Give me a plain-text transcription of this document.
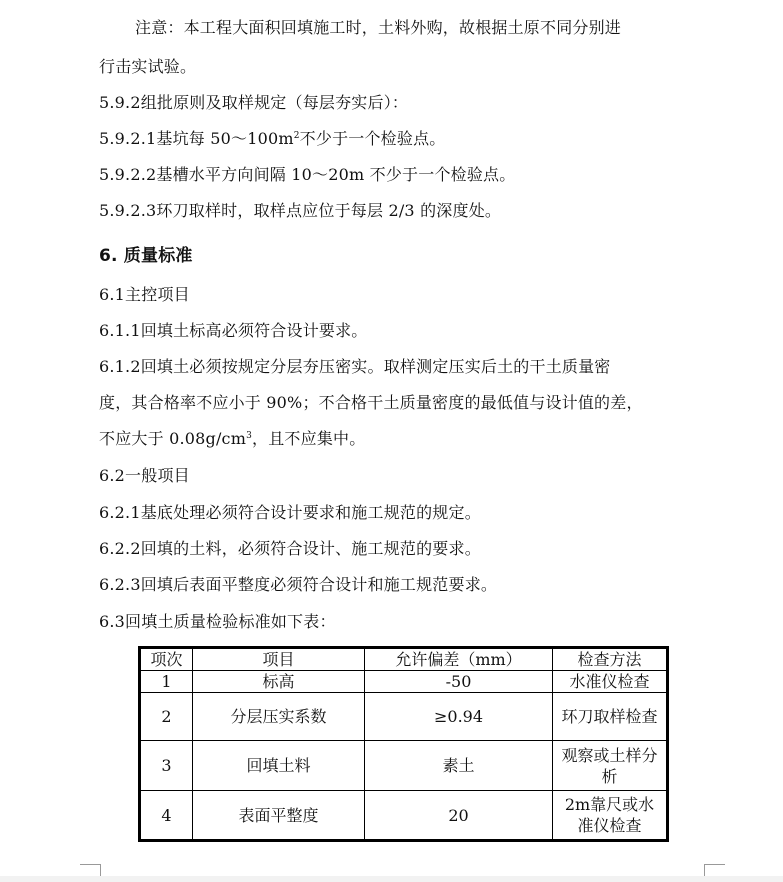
注意：本工程大面积回填施工时，土料外购，故根据土原不同分别进
行击实试验。
5.9.2组批原则及取样规定（每层夯实后）：
5.9.2.1基坑每 $50\sim 100m^2$不少于一个检验点。
5.9.2.2基槽水平方向间隔 10～20m 不少于一个检验点。
5.9.2.3环刀取样时，取样点应位于每层 2/3 的深度处。
6. 质量标准
6.1主控项目
6.1.1回填土标高必须符合设计要求。
6.1.2回填土必须按规定分层夯压密实。取样测定压实后土的干土质量密
度，其合格率不应小于 90%；不合格干土质量密度的最低值与设计值的差，
不应大于 $0.08g/cm^3$，且不应集中。
6.2一般项目
6.2.1基底处理必须符合设计要求和施工规范的规定。
6.2.2回填的土料，必须符合设计、施工规范的要求。
6.2.3回填后表面平整度必须符合设计和施工规范要求。
6.3回填土质量检验标准如下表：
项次	项目	允许偏差（mm）	检查方法
1	标高	-50	水准仪检查
2	分层压实系数	≥0.94	环刀取样检查
3	回填土料	素土	观察或土样分析
4	表面平整度	20	2m靠尺或水准仪检查
